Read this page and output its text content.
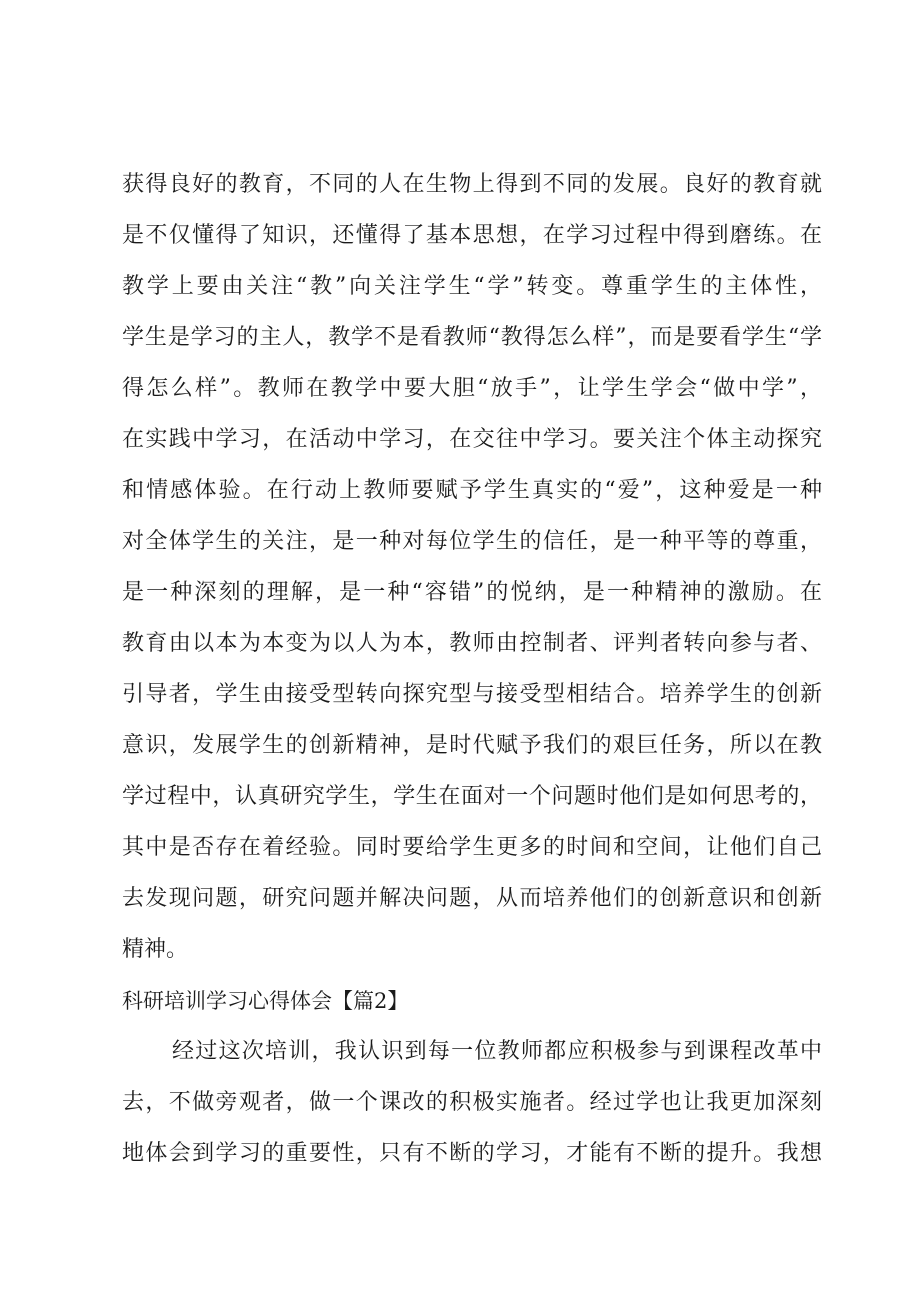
获得良好的教育，不同的人在生物上得到不同的发展。良好的教育就
是不仅懂得了知识，还懂得了基本思想，在学习过程中得到磨练。在
教学上要由关注“教”向关注学生“学”转变。尊重学生的主体性，
学生是学习的主人，教学不是看教师“教得怎么样”，而是要看学生“学
得怎么样”。教师在教学中要大胆“放手”，让学生学会“做中学”，
在实践中学习，在活动中学习，在交往中学习。要关注个体主动探究
和情感体验。在行动上教师要赋予学生真实的“爱”，这种爱是一种
对全体学生的关注，是一种对每位学生的信任，是一种平等的尊重，
是一种深刻的理解，是一种“容错”的悦纳，是一种精神的激励。在
教育由以本为本变为以人为本，教师由控制者、评判者转向参与者、
引导者，学生由接受型转向探究型与接受型相结合。培养学生的创新
意识，发展学生的创新精神，是时代赋予我们的艰巨任务，所以在教
学过程中，认真研究学生，学生在面对一个问题时他们是如何思考的，
其中是否存在着经验。同时要给学生更多的时间和空间，让他们自己
去发现问题，研究问题并解决问题，从而培养他们的创新意识和创新
精神。
科研培训学习心得体会【篇2】
经过这次培训，我认识到每一位教师都应积极参与到课程改革中
去，不做旁观者，做一个课改的积极实施者。经过学也让我更加深刻
地体会到学习的重要性，只有不断的学习，才能有不断的提升。我想
